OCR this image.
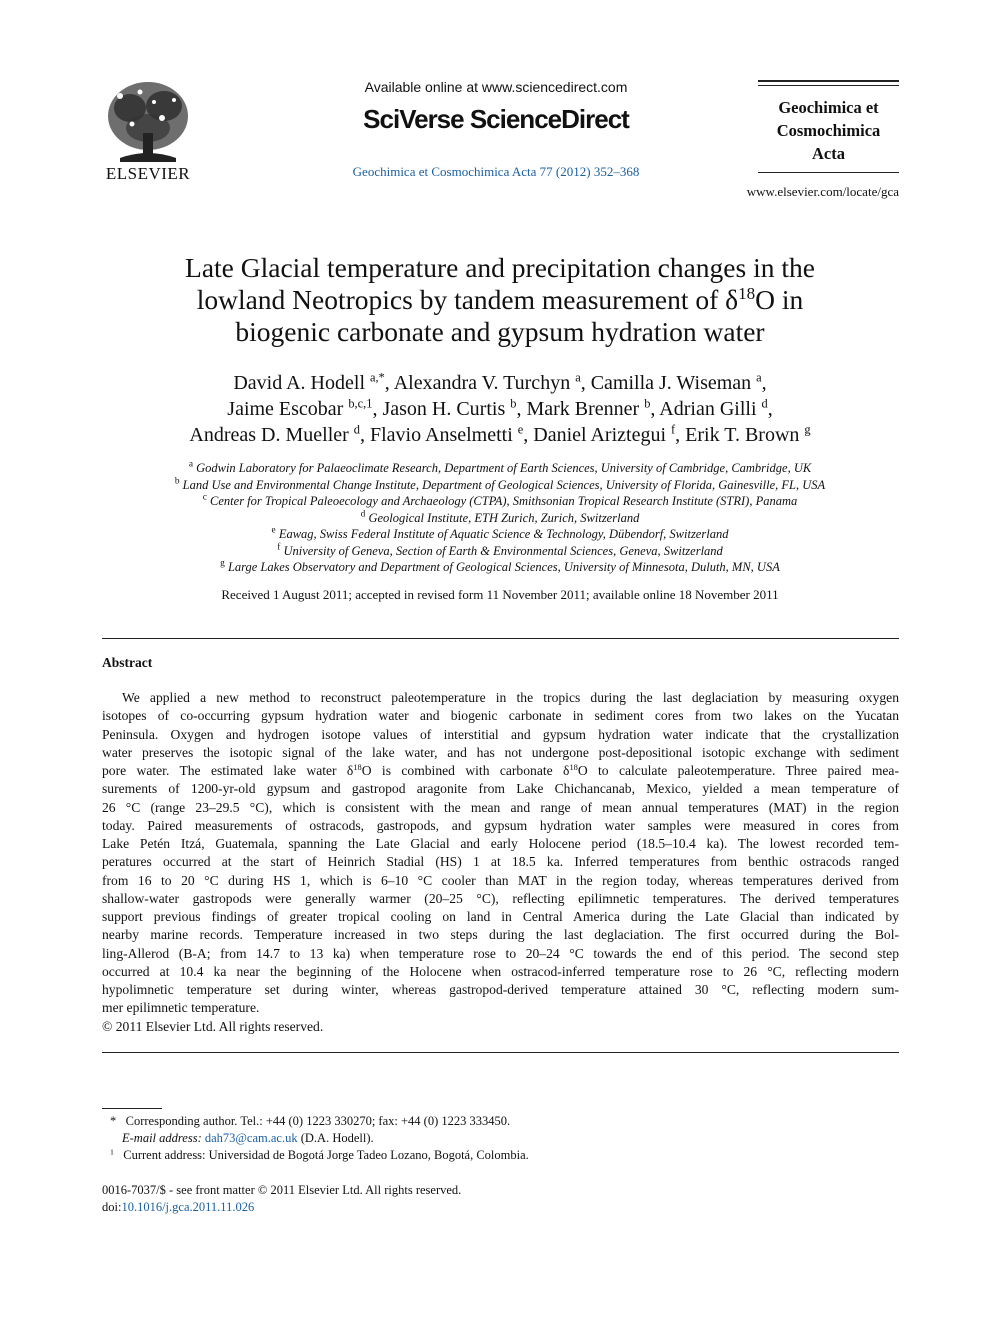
ELSEVIER
Available online at www.sciencedirect.com
SciVerse ScienceDirect
Geochimica et Cosmochimica Acta 77 (2012) 352–368
Geochimica et
Cosmochimica
Acta
www.elsevier.com/locate/gca
Late Glacial temperature and precipitation changes in the
lowland Neotropics by tandem measurement of $\delta^{18}O$ in
biogenic carbonate and gypsum hydration water
David A. Hodell $^{a,*}$, Alexandra V. Turchyn $^a$, Camilla J. Wiseman $^a$,
Jaime Escobar $^{b,c,1}$, Jason H. Curtis $^b$, Mark Brenner $^b$, Adrian Gilli $^d$,
Andreas D. Mueller $^d$, Flavio Anselmetti $^e$, Daniel Ariztegui $^f$, Erik T. Brown $^g$
$^a$ Godwin Laboratory for Palaeoclimate Research, Department of Earth Sciences, University of Cambridge, Cambridge, UK
$^b$ Land Use and Environmental Change Institute, Department of Geological Sciences, University of Florida, Gainesville, FL, USA
$^c$ Center for Tropical Paleoecology and Archaeology (CTPA), Smithsonian Tropical Research Institute (STRI), Panama
$^d$ Geological Institute, ETH Zurich, Zurich, Switzerland
$^e$ Eawag, Swiss Federal Institute of Aquatic Science & Technology, Dübendorf, Switzerland
$^f$ University of Geneva, Section of Earth & Environmental Sciences, Geneva, Switzerland
$^g$ Large Lakes Observatory and Department of Geological Sciences, University of Minnesota, Duluth, MN, USA
Received 1 August 2011; accepted in revised form 11 November 2011; available online 18 November 2011
Abstract
We applied a new method to reconstruct paleotemperature in the tropics during the last deglaciation by measuring oxygen
isotopes of co-occurring gypsum hydration water and biogenic carbonate in sediment cores from two lakes on the Yucatan
Peninsula. Oxygen and hydrogen isotope values of interstitial and gypsum hydration water indicate that the crystallization
water preserves the isotopic signal of the lake water, and has not undergone post-depositional isotopic exchange with sediment
pore water. The estimated lake water $\delta^{18}O$ is combined with carbonate $\delta^{18}O$ to calculate paleotemperature. Three paired mea-
surements of 1200-yr-old gypsum and gastropod aragonite from Lake Chichancanab, Mexico, yielded a mean temperature of
26 °C (range 23–29.5 °C), which is consistent with the mean and range of mean annual temperatures (MAT) in the region
today. Paired measurements of ostracods, gastropods, and gypsum hydration water samples were measured in cores from
Lake Petén Itzá, Guatemala, spanning the Late Glacial and early Holocene period (18.5–10.4 ka). The lowest recorded tem-
peratures occurred at the start of Heinrich Stadial (HS) 1 at 18.5 ka. Inferred temperatures from benthic ostracods ranged
from 16 to 20 °C during HS 1, which is 6–10 °C cooler than MAT in the region today, whereas temperatures derived from
shallow-water gastropods were generally warmer (20–25 °C), reflecting epilimnetic temperatures. The derived temperatures
support previous findings of greater tropical cooling on land in Central America during the Late Glacial than indicated by
nearby marine records. Temperature increased in two steps during the last deglaciation. The first occurred during the Bol-
ling-Allerod (B-A; from 14.7 to 13 ka) when temperature rose to 20–24 °C towards the end of this period. The second step
occurred at 10.4 ka near the beginning of the Holocene when ostracod-inferred temperature rose to 26 °C, reflecting modern
hypolimnetic temperature set during winter, whereas gastropod-derived temperature attained 30 °C, reflecting modern sum-
mer epilimnetic temperature.
© 2011 Elsevier Ltd. All rights reserved.
* Corresponding author. Tel.: +44 (0) 1223 330270; fax: +44 (0) 1223 333450.
E-mail address: dah73@cam.ac.uk (D.A. Hodell).
$^1$ Current address: Universidad de Bogotá Jorge Tadeo Lozano, Bogotá, Colombia.
0016-7037/$ - see front matter © 2011 Elsevier Ltd. All rights reserved.
doi:10.1016/j.gca.2011.11.026
